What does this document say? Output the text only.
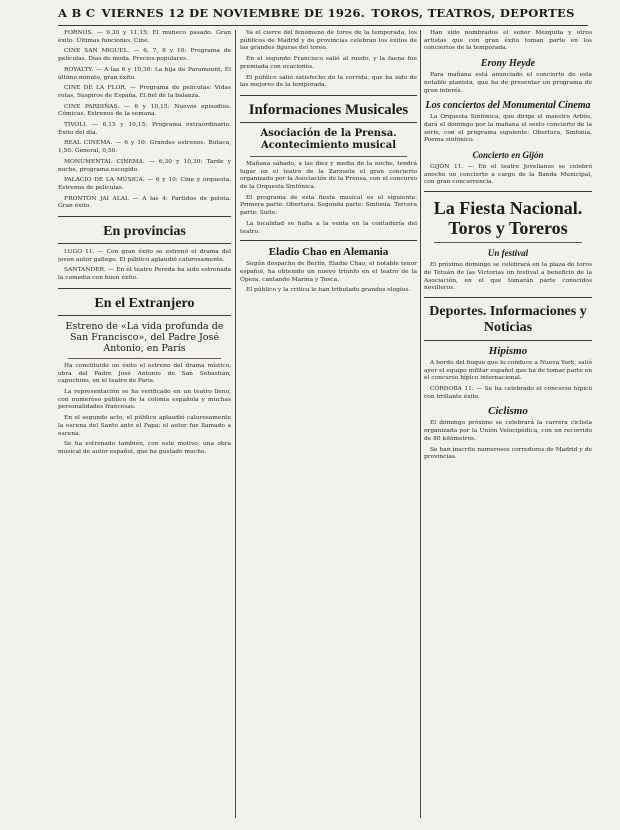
A B C VIERNES 12 DE NOVIEMBRE DE 1926. TOROS, TEATROS, DEPORTES

FORNOS. — 9,30 y 11,15: El muñeco pasado. Gran éxito. Últimas funciones. Cine.

CINE SAN MIGUEL. — 6, 7, 8 y 10: Programa de películas. Días de moda. Precios populares.

ROYALTY. — A las 6 y 10,30: La hija de Paramount, El último minuto, gran éxito.

CINE DE LA FLOR. — Programa de películas: Vidas rotas, Suspiros de España, El fiel de la balanza.

CINE PARDIÑAS. — 6 y 10,15: Nuevos episodios. Cómicas. Estrenos de la semana.

TIVOLI. — 6,15 y 10,15: Programa extraordinario. Éxito del día.

REAL CINEMA. — 6 y 10: Grandes estrenos. Butaca, 1,50. General, 0,50.

MONUMENTAL CINEMA. — 6,30 y 10,30: Tarde y noche, programa escogido.

PALACIO DE LA MÚSICA. — 6 y 10: Cine y orquesta. Estrenos de películas.

FRONTÓN JAI ALAI. — A las 4: Partidos de pelota. Gran éxito.

En provincias

LUGO 11. — Con gran éxito se estrenó el drama del joven autor gallego. El público aplaudió calurosamente.

SANTANDER. — En el teatro Pereda ha sido estrenada la comedia con buen éxito.

En el Extranjero
Estreno de «La vida profunda de San Francisco», del Padre José Antonio, en París

Ha constituido un éxito el estreno del drama místico, obra del Padre José Antonio de San Sebastián, capuchino, en el teatro de Paris.

La representación se ha verificado en un teatro lleno, con numeroso público de la colonia española y muchas personalidades francesas.

En el segundo acto, el público aplaudió calurosamente la escena del Santo ante el Papa; el autor fue llamado a escena.

Se ha estrenado también, con este motivo, una obra musical de autor español, que ha gustado mucho.

Ya el cierre del fenómeno de toros de la temporada, los públicos de Madrid y de provincias celebran los éxitos de las grandes figuras del toreo.

En el segundo Francisco salió al ruedo, y la faena fue premiada con ovaciones.

El público salió satisfecho de la corrida, que ha sido de las mejores de la temporada.

Informaciones Musicales
Asociación de la Prensa. Acontecimiento musical

Mañana sábado, a las diez y media de la noche, tendrá lugar en el teatro de la Zarzuela el gran concierto organizado por la Asociación de la Prensa, con el concurso de la Orquesta Sinfónica.

El programa de esta fiesta musical es el siguiente: Primera parte: Obertura. Segunda parte: Sinfonía. Tercera parte: Suite.

La localidad se halla a la venta en la contaduría del teatro.

Eladio Chao en Alemania

Según despacho de Berlín, Eladio Chao, el notable tenor español, ha obtenido un nuevo triunfo en el teatro de la Ópera, cantando Marina y Tosca.

El público y la crítica le han tributado grandes elogios.

Han sido nombrados el señor Mezquita y otros artistas que con gran éxito toman parte en los conciertos de la temporada.

Erony Heyde

Para mañana está anunciado el concierto de esta notable pianista, que ha de presentar un programa de gran interés.

Los conciertos del Monumental Cinema

La Orquesta Sinfónica, que dirige el maestro Arbós, dará el domingo por la mañana el sexto concierto de la serie, con el programa siguiente: Obertura, Sinfonía, Poema sinfónico.

Concierto en Gijón

GIJÓN 11. — En el teatro Jovellanos se celebró anoche un concierto a cargo de la Banda Municipal, con gran concurrencia.

La Fiesta Nacional. Toros y Toreros
Un festival

El próximo domingo se celebrará en la plaza de toros de Tetuán de las Victorias un festival a beneficio de la Asociación, en el que tomarán parte conocidos novilleros.

Deportes. Informaciones y Noticias
Hipismo

A bordo del buque que lo conduce a Nueva York, salió ayer el equipo militar español que ha de tomar parte en el concurso hípico internacional.

CÓRDOBA 11. — Se ha celebrado el concurso hípico con brillante éxito.

Ciclismo

El domingo próximo se celebrará la carrera ciclista organizada por la Unión Velocipédica, con un recorrido de 80 kilómetros.

Se han inscrito numerosos corredores de Madrid y de provincias.
